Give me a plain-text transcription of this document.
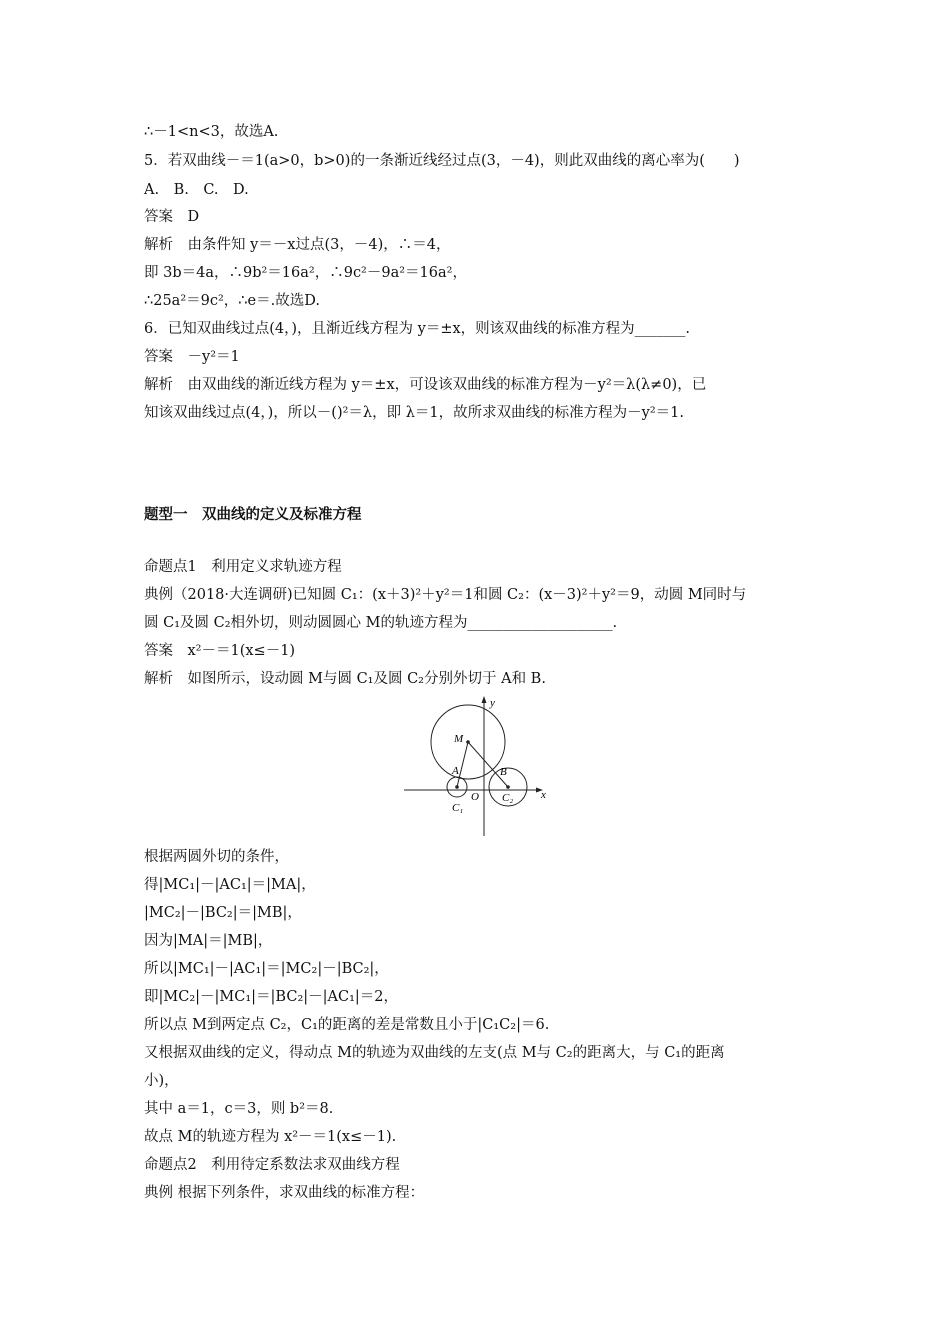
∴－1<n<3，故选A.
5．若双曲线－＝1(a>0，b>0)的一条渐近线经过点(3，－4)，则此双曲线的离心率为(　　)
A.　B.　C.　D.
答案　D
解析　由条件知 y＝－x过点(3，－4)，∴＝4，
即 3b＝4a，∴9b²＝16a²，∴9c²－9a²＝16a²，
∴25a²＝9c²，∴e＝.故选D.
6．已知双曲线过点(4，)，且渐近线方程为 y＝±x，则该双曲线的标准方程为_______.
答案　－y²＝1
解析　由双曲线的渐近线方程为 y＝±x，可设该双曲线的标准方程为－y²＝λ(λ≠0)，已
知该双曲线过点(4，)，所以－()²＝λ，即 λ＝1，故所求双曲线的标准方程为－y²＝1.
题型一　双曲线的定义及标准方程
命题点1　利用定义求轨迹方程
典例（2018·大连调研)已知圆 C₁：(x＋3)²＋y²＝1和圆 C₂：(x－3)²＋y²＝9，动圆 M同时与
圆 C₁及圆 C₂相外切，则动圆圆心 M的轨迹方程为____________________.
答案　x²－＝1(x≤－1)
解析　如图所示，设动圆 M与圆 C₁及圆 C₂分别外切于 A和 B.
y
x
M
A	B
O
C₁
C₂
根据两圆外切的条件，
得|MC₁|－|AC₁|＝|MA|，
|MC₂|－|BC₂|＝|MB|，
因为|MA|＝|MB|，
所以|MC₁|－|AC₁|＝|MC₂|－|BC₂|，
即|MC₂|－|MC₁|＝|BC₂|－|AC₁|＝2，
所以点 M到两定点 C₂，C₁的距离的差是常数且小于|C₁C₂|＝6.
又根据双曲线的定义，得动点 M的轨迹为双曲线的左支(点 M与 C₂的距离大，与 C₁的距离
小)，
其中 a＝1，c＝3，则 b²＝8.
故点 M的轨迹方程为 x²－＝1(x≤－1).
命题点2　利用待定系数法求双曲线方程
典例 根据下列条件，求双曲线的标准方程：
